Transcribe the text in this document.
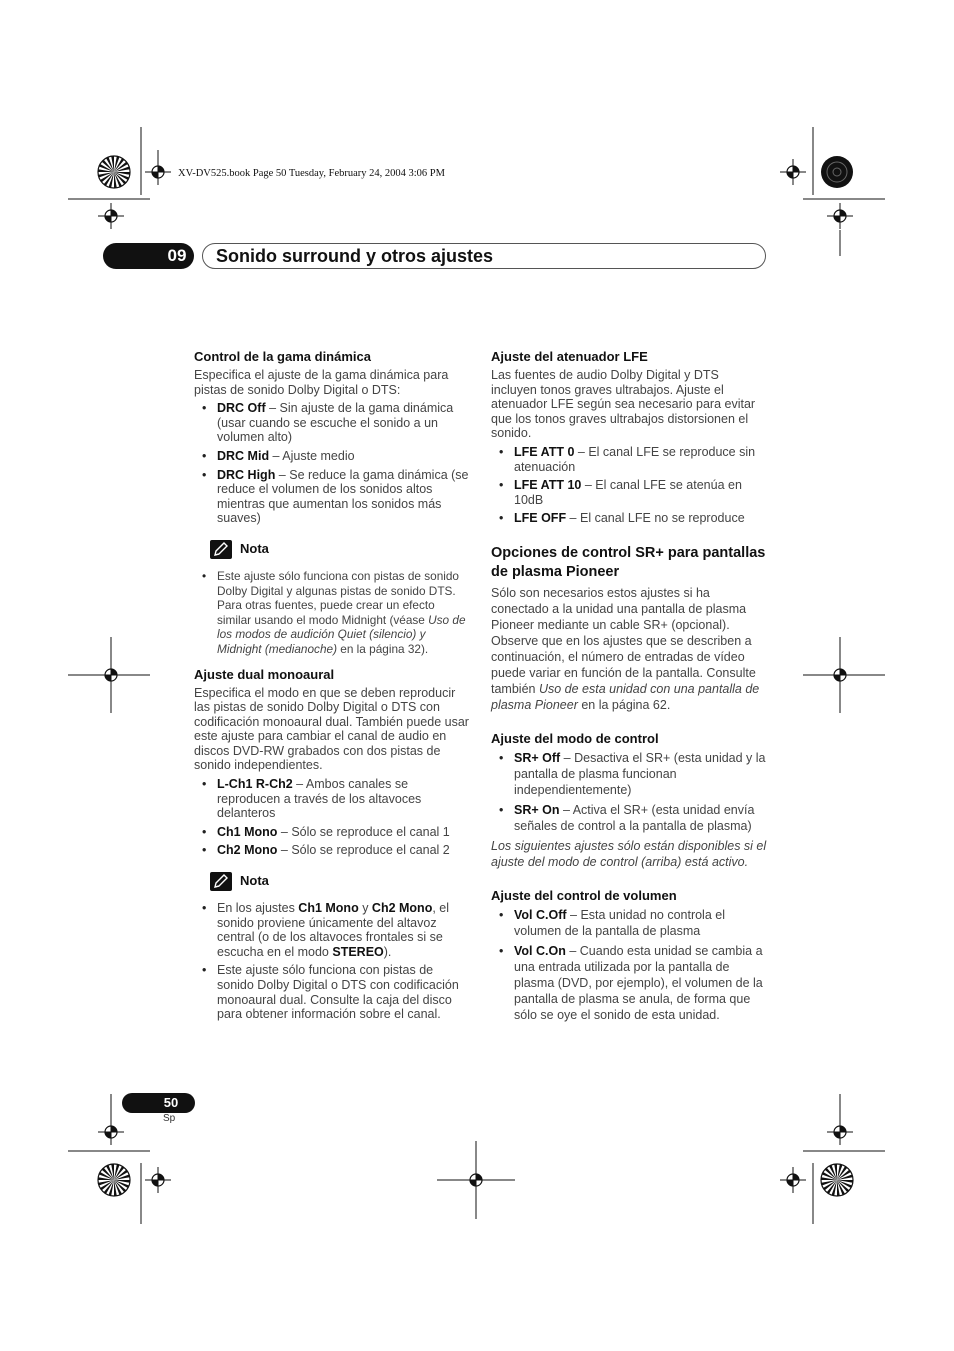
XV-DV525.book Page 50 Tuesday, February 24, 2004 3:06 PM
09	Sonido surround y otros ajustes
Control de la gama dinámica

Especifica el ajuste de la gama dinámica para pistas de sonido Dolby Digital o DTS:

• DRC Off – Sin ajuste de la gama dinámica (usar cuando se escuche el sonido a un volumen alto)
• DRC Mid – Ajuste medio
• DRC High – Se reduce la gama dinámica (se reduce el volumen de los sonidos altos mientras que aumentan los sonidos más suaves)
Nota
• Este ajuste sólo funciona con pistas de sonido Dolby Digital y algunas pistas de sonido DTS. Para otras fuentes, puede crear un efecto similar usando el modo Midnight (véase Uso de los modos de audición Quiet (silencio) y Midnight (medianoche) en la página 32).
Ajuste dual monoaural

Especifica el modo en que se deben reproducir las pistas de sonido Dolby Digital o DTS con codificación monoaural dual. También puede usar este ajuste para cambiar el canal de audio en discos DVD-RW grabados con dos pistas de sonido independientes.

• L-Ch1 R-Ch2 – Ambos canales se reproducen a través de los altavoces delanteros
• Ch1 Mono – Sólo se reproduce el canal 1
• Ch2 Mono – Sólo se reproduce el canal 2
Nota
• En los ajustes Ch1 Mono y Ch2 Mono, el sonido proviene únicamente del altavoz central (o de los altavoces frontales si se escucha en el modo STEREO).
• Este ajuste sólo funciona con pistas de sonido Dolby Digital o DTS con codificación monoaural dual. Consulte la caja del disco para obtener información sobre el canal.
Ajuste del atenuador LFE

Las fuentes de audio Dolby Digital y DTS incluyen tonos graves ultrabajos. Ajuste el atenuador LFE según sea necesario para evitar que los tonos graves ultrabajos distorsionen el sonido.

• LFE ATT 0 – El canal LFE se reproduce sin atenuación
• LFE ATT 10 – El canal LFE se atenúa en 10dB
• LFE OFF – El canal LFE no se reproduce
Opciones de control SR+ para pantallas de plasma Pioneer

Sólo son necesarios estos ajustes si ha conectado a la unidad una pantalla de plasma Pioneer mediante un cable SR+ (opcional). Observe que en los ajustes que se describen a continuación, el número de entradas de vídeo puede variar en función de la pantalla. Consulte también Uso de esta unidad con una pantalla de plasma Pioneer en la página 62.

Ajuste del modo de control
• SR+ Off – Desactiva el SR+ (esta unidad y la pantalla de plasma funcionan independientemente)
• SR+ On – Activa el SR+ (esta unidad envía señales de control a la pantalla de plasma)

Los siguientes ajustes sólo están disponibles si el ajuste del modo de control (arriba) está activo.

Ajuste del control de volumen
• Vol C.Off – Esta unidad no controla el volumen de la pantalla de plasma
• Vol C.On – Cuando esta unidad se cambia a una entrada utilizada por la pantalla de plasma (DVD, por ejemplo), el volumen de la pantalla de plasma se anula, de forma que sólo se oye el sonido de esta unidad.
50
Sp
